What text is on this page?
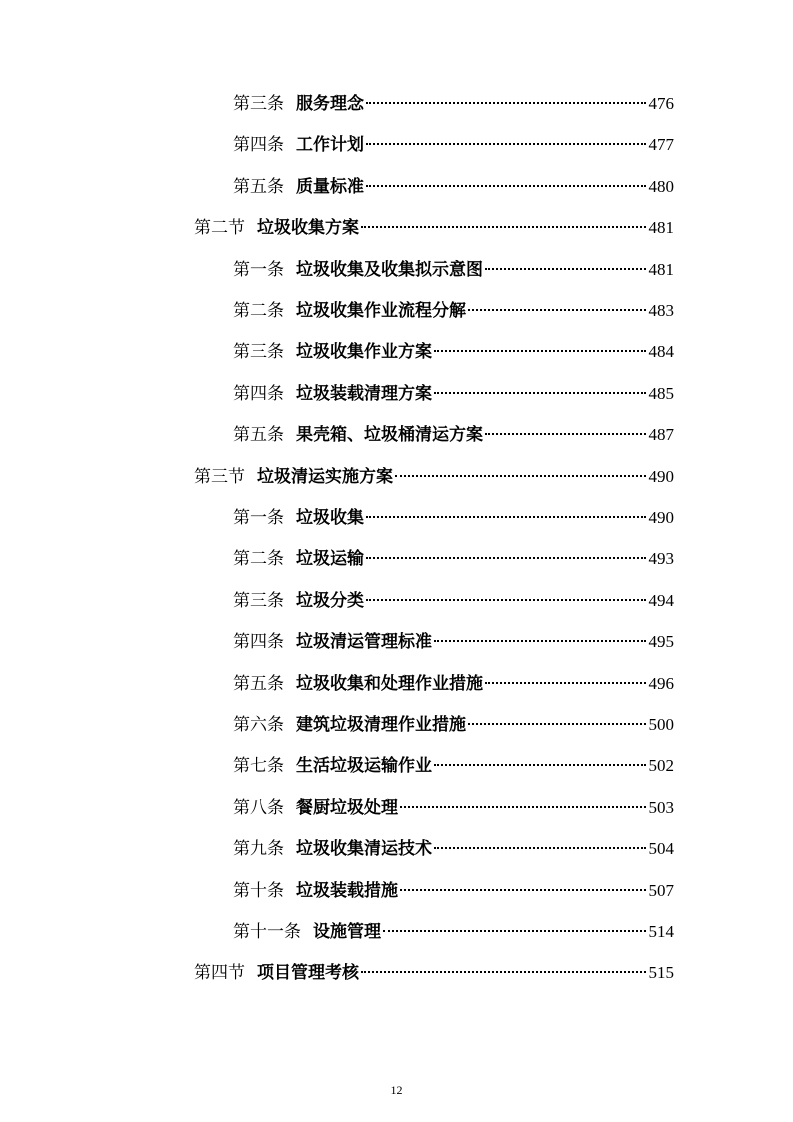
第三条 服务理念	476
第四条 工作计划	477
第五条 质量标准	480
第二节 垃圾收集方案	481
第一条 垃圾收集及收集拟示意图	481
第二条 垃圾收集作业流程分解	483
第三条 垃圾收集作业方案	484
第四条 垃圾装载清理方案	485
第五条 果壳箱、垃圾桶清运方案	487
第三节 垃圾清运实施方案	490
第一条 垃圾收集	490
第二条 垃圾运输	493
第三条 垃圾分类	494
第四条 垃圾清运管理标准	495
第五条 垃圾收集和处理作业措施	496
第六条 建筑垃圾清理作业措施	500
第七条 生活垃圾运输作业	502
第八条 餐厨垃圾处理	503
第九条 垃圾收集清运技术	504
第十条 垃圾装载措施	507
第十一条 设施管理	514
第四节 项目管理考核	515
12
